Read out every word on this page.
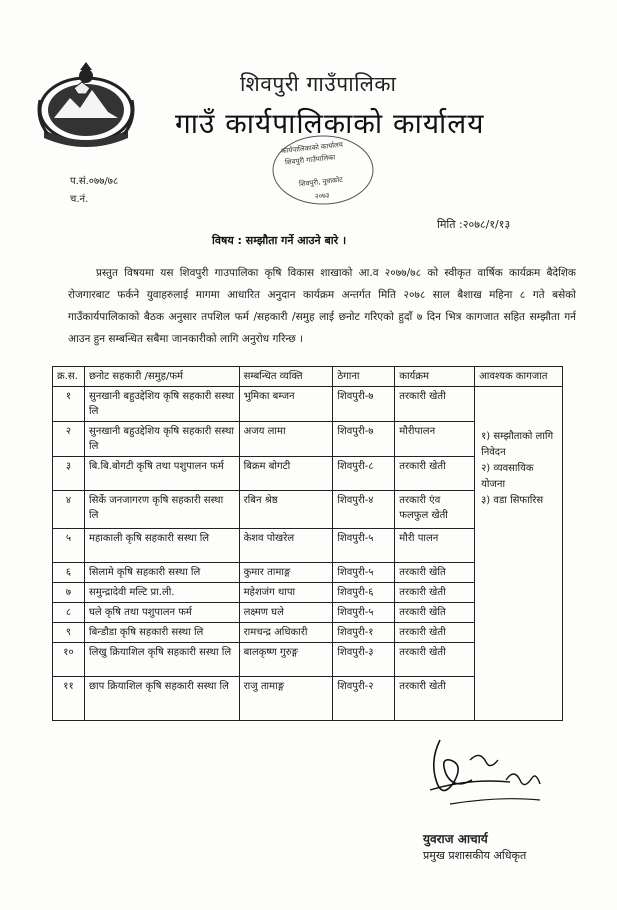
शिवपुरी गाउँपालिका
गाउँ कार्यपालिकाको कार्यालय
कार्यपालिकाको कार्यालय
शिवपुरी गाउँपालिका
शिवपुरी, नुवाकोट
२०७३
प.सं.०७७/७८
च.नं.
मिति :२०७८/१/१३
विषय : सम्झौता गर्ने आउने बारे ।
प्रस्तुत विषयमा यस शिवपुरी गाउपालिका कृषि विकास शाखाको आ.व २०७७/७८ को स्वीकृत वार्षिक कार्यक्रम बैदेशिक रोजगारबाट फर्कने युवाहरुलाई मागमा आधारित अनुदान कार्यक्रम अन्तर्गत मिति २०७८ साल बैशाख महिना ८ गते बसेको गाउँकार्यपालिकाको बैठक अनुसार तपशिल फर्म /सहकारी /समुह लाई छनोट गरिएको हुदाँ ७ दिन भित्र कागजात सहित सम्झौता गर्न आउन हुन सम्बन्धित सबैमा जानकारीको लागि अनुरोध गरिन्छ ।
क्र.स.	छनोट सहकारी /समुह/फर्म	सम्बन्धित व्यक्ति	ठेगाना	कार्यक्रम	आवश्यक कागजात
१	सुनखानी बहुउद्देशिय कृषि सहकारी सस्था लि	भुमिका बम्जन	शिवपुरी-७	तरकारी खेती	१) सम्झौताको लागि निवेदन
२) व्यवसायिक योजना
३) वडा सिफारिस

२	सुनखानी बहुउद्देशिय कृषि सहकारी सस्था लि	अजय लामा	शिवपुरी-७	मौरीपालन	
३	बि.बि.बोगटी कृषि तथा पशुपालन फर्म	बिक्रम बोगटी	शिवपुरी-८	तरकारी खेती	
४	सिर्के जनजागरण कृषि सहकारी सस्था लि	रबिन श्रेष्ठ	शिवपुरी-४	तरकारी एंव फलफुल खेती	
५	महाकाली कृषि सहकारी सस्था लि	केशव पोखरेल	शिवपुरी-५	मौरी पालन	
६	सिलामे कृषि सहकारी सस्था लि	कुमार तामाङ्ग	शिवपुरी-५	तरकारी खेति	
७	समुन्द्रादेवी मल्टि प्रा.ली.	महेशजंग थापा	शिवपुरी-६	तरकारी खेती	
८	घले कृषि तथा पशुपालन फर्म	लक्ष्मण घले	शिवपुरी-५	तरकारी खेति	
९	बिन्डौडा कृषि सहकारी सस्था लि	रामचन्द्र अधिकारी	शिवपुरी-१	तरकारी खेती	
१०	लिखु क्रियाशिल कृषि सहकारी सस्था लि	बालकृष्ण गुरुङ्ग	शिवपुरी-३	तरकारी खेती	
११	छाप क्रियाशिल कृषि सहकारी सस्था लि	राजु तामाङ्ग	शिवपुरी-२	तरकारी खेती	
युवराज आचार्य
प्रमुख प्रशासकीय अधिकृत
